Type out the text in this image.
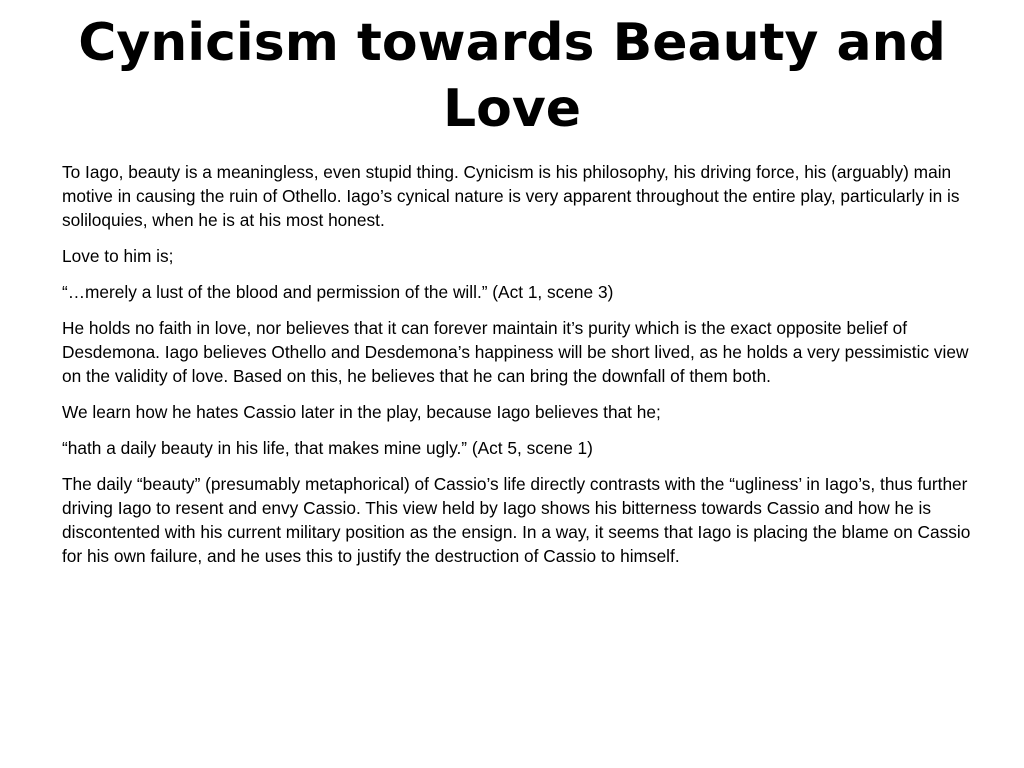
Cynicism towards Beauty and Love

To Iago, beauty is a meaningless, even stupid thing. Cynicism is his philosophy, his driving force, his (arguably) main motive in causing the ruin of Othello. Iago’s cynical nature is very apparent throughout the entire play, particularly in is soliloquies, when he is at his most honest.

Love to him is;

“…merely a lust of the blood and permission of the will.” (Act 1, scene 3)

He holds no faith in love, nor believes that it can forever maintain it’s purity which is the exact opposite belief of Desdemona. Iago believes Othello and Desdemona’s happiness will be short lived, as he holds a very pessimistic view on the validity of love. Based on this, he believes that he can bring the downfall of them both.

We learn how he hates Cassio later in the play, because Iago believes that he;

“hath a daily beauty in his life, that makes mine ugly.” (Act 5, scene 1)

The daily “beauty” (presumably metaphorical) of Cassio’s life directly contrasts with the “ugliness’ in Iago’s, thus further driving Iago to resent and envy Cassio. This view held by Iago shows his bitterness towards Cassio and how he is discontented with his current military position as the ensign. In a way, it seems that Iago is placing the blame on Cassio for his own failure, and he uses this to justify the destruction of Cassio to himself.
